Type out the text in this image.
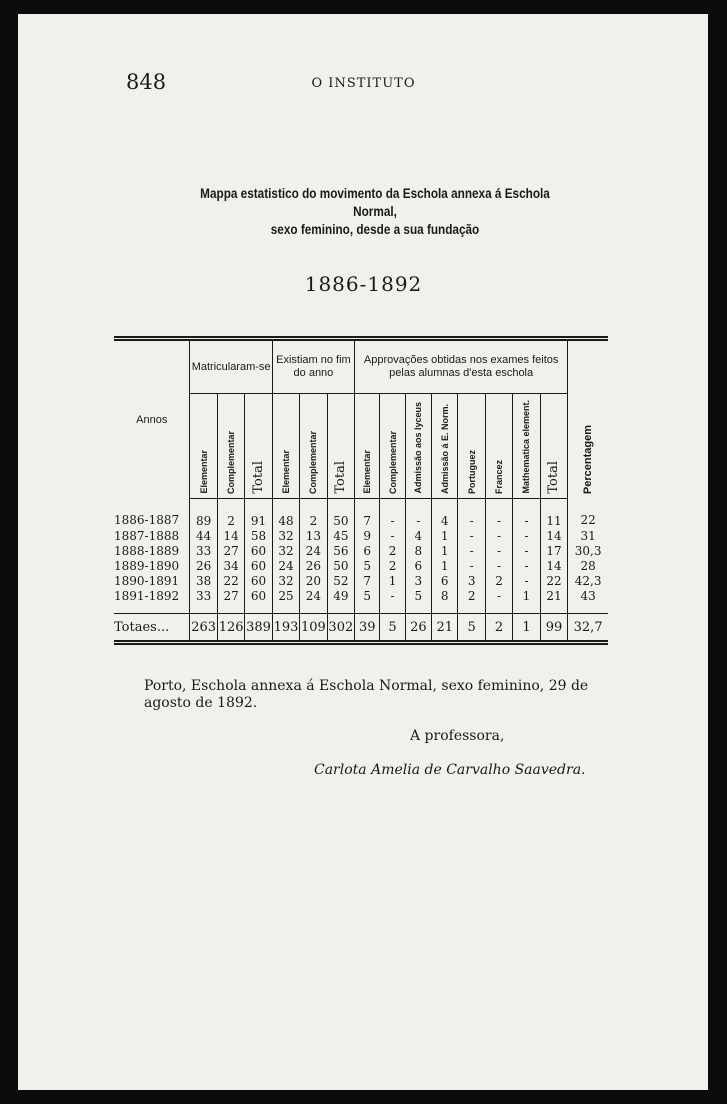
848	O INSTITUTO
Mappa estatistico do movimento da Eschola annexa á Eschola Normal,
sexo feminino, desde a sua fundação
1886-1892
Annos	Matricularam-se			Existiam no fim do anno			Approvações obtidas nos exames feitos pelas alumnas d'esta eschola								Percentagem
	Elementar	Complementar	Total	Elementar	Complementar	Total	Elementar	Complementar	Admissão aos lyceus	Admissão á E. Norm.	Portuguez	Francez	Mathematica element.	Total	
1886-1887	89	2	91	48	2	50	7	-	-	4	-	-	-	11	22
1887-1888	44	14	58	32	13	45	9	-	4	1	-	-	-	14	31
1888-1889	33	27	60	32	24	56	6	2	8	1	-	-	-	17	30,3
1889-1890	26	34	60	24	26	50	5	2	6	1	-	-	-	14	28
1890-1891	38	22	60	32	20	52	7	1	3	6	3	2	-	22	42,3
1891-1892	33	27	60	25	24	49	5	-	5	8	2	-	1	21	43
Totaes...	263	126	389	193	109	302	39	5	26	21	5	2	1	99	32,7
Porto, Eschola annexa á Eschola Normal, sexo feminino, 29 de agosto de 1892.
A professora,
Carlota Amelia de Carvalho Saavedra.
